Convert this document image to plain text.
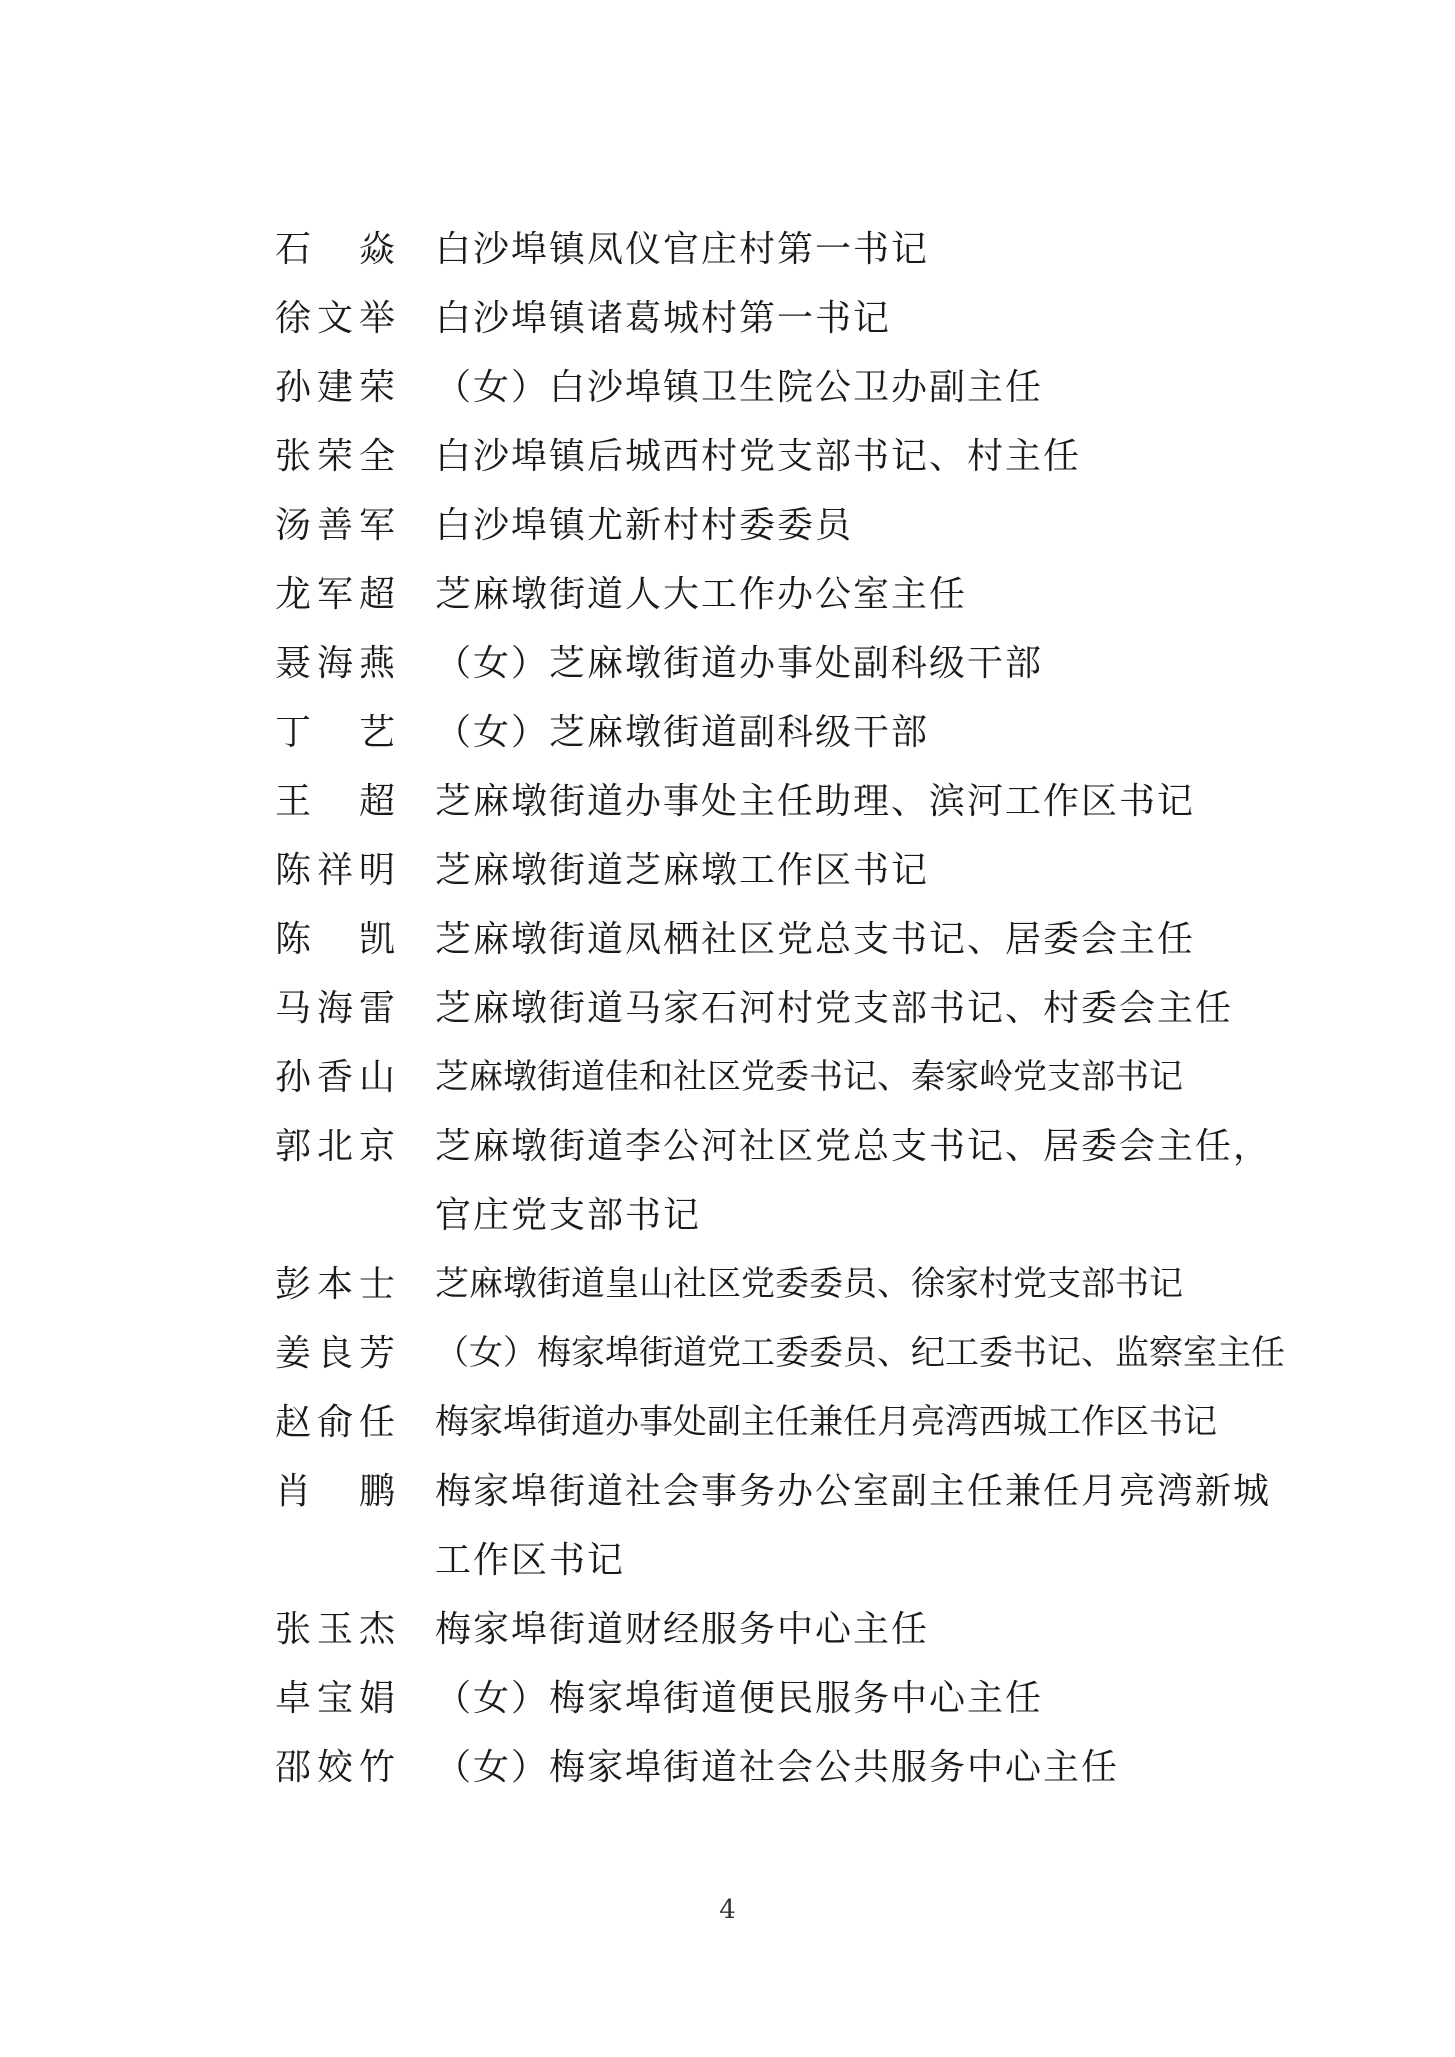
石　焱 白沙埠镇凤仪官庄村第一书记
徐文举 白沙埠镇诸葛城村第一书记
孙建荣 （女）白沙埠镇卫生院公卫办副主任
张荣全 白沙埠镇后城西村党支部书记、村主任
汤善军 白沙埠镇尤新村村委委员
龙军超 芝麻墩街道人大工作办公室主任
聂海燕 （女）芝麻墩街道办事处副科级干部
丁　艺 （女）芝麻墩街道副科级干部
王　超 芝麻墩街道办事处主任助理、滨河工作区书记
陈祥明 芝麻墩街道芝麻墩工作区书记
陈　凯 芝麻墩街道凤栖社区党总支书记、居委会主任
马海雷 芝麻墩街道马家石河村党支部书记、村委会主任
孙香山 芝麻墩街道佳和社区党委书记、秦家岭党支部书记
郭北京 芝麻墩街道李公河社区党总支书记、居委会主任，官庄党支部书记
彭本士 芝麻墩街道皇山社区党委委员、徐家村党支部书记
姜良芳 （女）梅家埠街道党工委委员、纪工委书记、监察室主任
赵俞任 梅家埠街道办事处副主任兼任月亮湾西城工作区书记
肖　鹏 梅家埠街道社会事务办公室副主任兼任月亮湾新城工作区书记
张玉杰 梅家埠街道财经服务中心主任
卓宝娟 （女）梅家埠街道便民服务中心主任
邵姣竹 （女）梅家埠街道社会公共服务中心主任
4
